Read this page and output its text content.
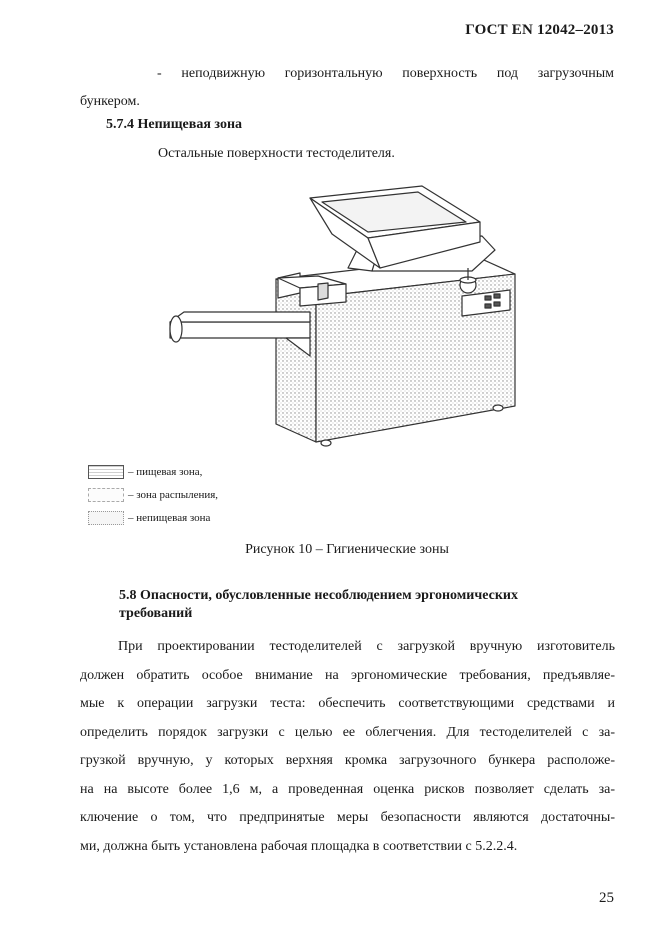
ГОСТ EN 12042–2013
- неподвижную горизонтальную поверхность под загрузочным
бункером.
5.7.4 Непищевая зона
Остальные поверхности тестоделителя.
– пищевая зона,
– зона распыления,
– непищевая зона
Рисунок 10 – Гигиенические зоны
5.8 Опасности, обусловленные несоблюдением эргономических
требований
При проектировании тестоделителей с загрузкой вручную изготовитель
должен обратить особое внимание на эргономические требования, предъявляе-
мые к операции загрузки теста: обеспечить соответствующими средствами и
определить порядок загрузки с целью ее облегчения. Для тестоделителей с за-
грузкой вручную, у которых верхняя кромка загрузочного бункера расположе-
на на высоте более 1,6 м, а проведенная оценка рисков позволяет сделать за-
ключение о том, что предпринятые меры безопасности являются достаточны-
ми, должна быть установлена рабочая площадка в соответствии с 5.2.2.4.
25
